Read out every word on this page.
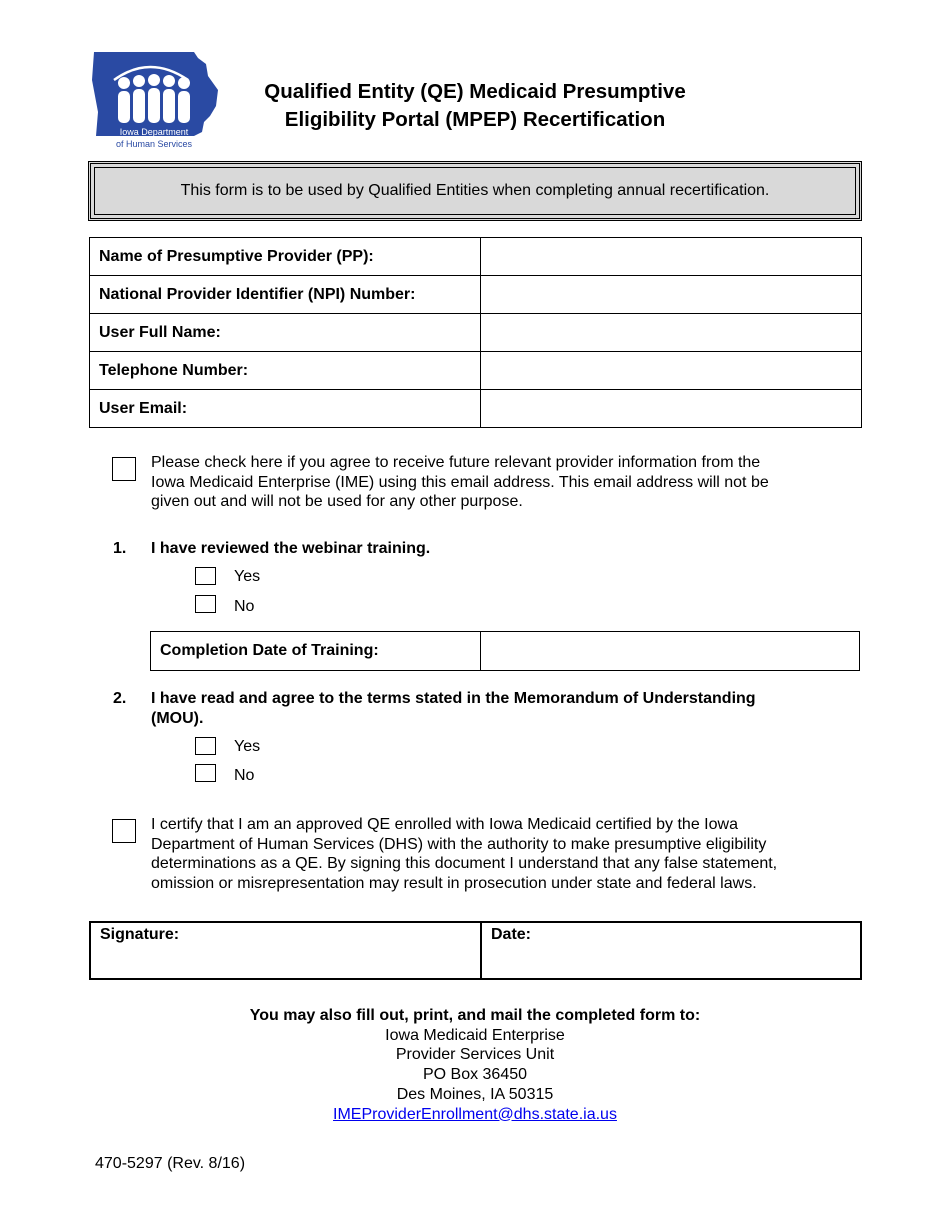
Iowa Department
of Human Services
Qualified Entity (QE) Medicaid Presumptive
Eligibility Portal (MPEP) Recertification
This form is to be used by Qualified Entities when completing annual recertification.
Name of Presumptive Provider (PP):	
National Provider Identifier (NPI) Number:	
User Full Name:	
Telephone Number:	
User Email:	
Please check here if you agree to receive future relevant provider information from the
Iowa Medicaid Enterprise (IME) using this email address. This email address will not be
given out and will not be used for any other purpose.
1. I have reviewed the webinar training.
Yes
No
Completion Date of Training:	
2. I have read and agree to the terms stated in the Memorandum of Understanding
(MOU).
Yes
No
I certify that I am an approved QE enrolled with Iowa Medicaid certified by the Iowa
Department of Human Services (DHS) with the authority to make presumptive eligibility
determinations as a QE. By signing this document I understand that any false statement,
omission or misrepresentation may result in prosecution under state and federal laws.
Signature:	Date:
You may also fill out, print, and mail the completed form to:
Iowa Medicaid Enterprise
Provider Services Unit
PO Box 36450
Des Moines, IA 50315
IMEProviderEnrollment@dhs.state.ia.us
470-5297 (Rev. 8/16)
